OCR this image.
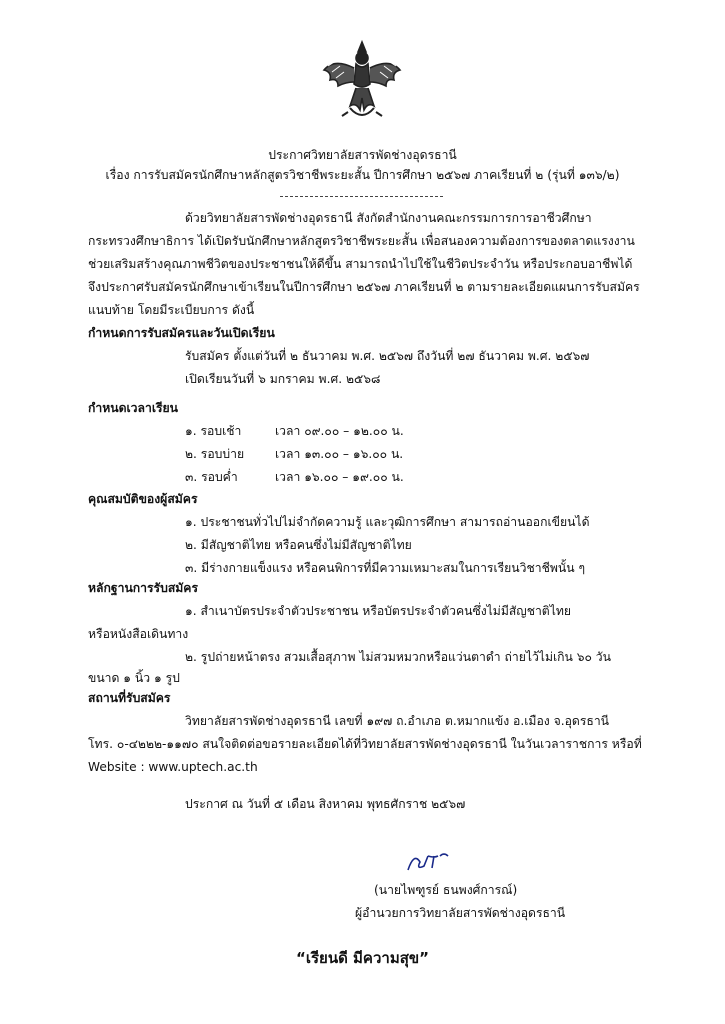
ประกาศวิทยาลัยสารพัดช่างอุดรธานี
เรื่อง การรับสมัครนักศึกษาหลักสูตรวิชาชีพระยะสั้น ปีการศึกษา ๒๕๖๗ ภาคเรียนที่ ๒ (รุ่นที่ ๑๓๖/๒)
ด้วยวิทยาลัยสารพัดช่างอุดรธานี สังกัดสำนักงานคณะกรรมการการอาชีวศึกษา
กระทรวงศึกษาธิการ ได้เปิดรับนักศึกษาหลักสูตรวิชาชีพระยะสั้น เพื่อสนองความต้องการของตลาดแรงงาน
ช่วยเสริมสร้างคุณภาพชีวิตของประชาชนให้ดีขึ้น สามารถนำไปใช้ในชีวิตประจำวัน หรือประกอบอาชีพได้
จึงประกาศรับสมัครนักศึกษาเข้าเรียนในปีการศึกษา ๒๕๖๗ ภาคเรียนที่ ๒ ตามรายละเอียดแผนการรับสมัคร
แนบท้าย โดยมีระเบียบการ ดังนี้
กำหนดการรับสมัครและวันเปิดเรียน
รับสมัคร ตั้งแต่วันที่ ๒ ธันวาคม พ.ศ. ๒๕๖๗ ถึงวันที่ ๒๗ ธันวาคม พ.ศ. ๒๕๖๗
เปิดเรียนวันที่ ๖ มกราคม พ.ศ. ๒๕๖๘
กำหนดเวลาเรียน
๑. รอบเช้า	เวลา ๐๙.๐๐ – ๑๒.๐๐ น.
๒. รอบบ่าย	เวลา ๑๓.๐๐ – ๑๖.๐๐ น.
๓. รอบค่ำ	เวลา ๑๖.๐๐ – ๑๙.๐๐ น.
คุณสมบัติของผู้สมัคร
๑. ประชาชนทั่วไปไม่จำกัดความรู้ และวุฒิการศึกษา สามารถอ่านออกเขียนได้
๒. มีสัญชาติไทย หรือคนซึ่งไม่มีสัญชาติไทย
๓. มีร่างกายแข็งแรง หรือคนพิการที่มีความเหมาะสมในการเรียนวิชาชีพนั้น ๆ
หลักฐานการรับสมัคร
๑. สำเนาบัตรประจำตัวประชาชน หรือบัตรประจำตัวคนซึ่งไม่มีสัญชาติไทย
หรือหนังสือเดินทาง
๒. รูปถ่ายหน้าตรง สวมเสื้อสุภาพ ไม่สวมหมวกหรือแว่นตาดำ ถ่ายไว้ไม่เกิน ๖๐ วัน
ขนาด ๑ นิ้ว ๑ รูป
สถานที่รับสมัคร
วิทยาลัยสารพัดช่างอุดรธานี เลขที่ ๑๙๗ ถ.อำเภอ ต.หมากแข้ง อ.เมือง จ.อุดรธานี
โทร. ๐-๔๒๒๒-๑๑๗๐ สนใจติดต่อขอรายละเอียดได้ที่วิทยาลัยสารพัดช่างอุดรธานี ในวันเวลาราชการ หรือที่
Website : www.uptech.ac.th
ประกาศ ณ วันที่ ๕ เดือน สิงหาคม พุทธศักราช ๒๕๖๗
(นายไพฑูรย์ ธนพงศ์การณ์)
ผู้อำนวยการวิทยาลัยสารพัดช่างอุดรธานี
“เรียนดี มีความสุข”
